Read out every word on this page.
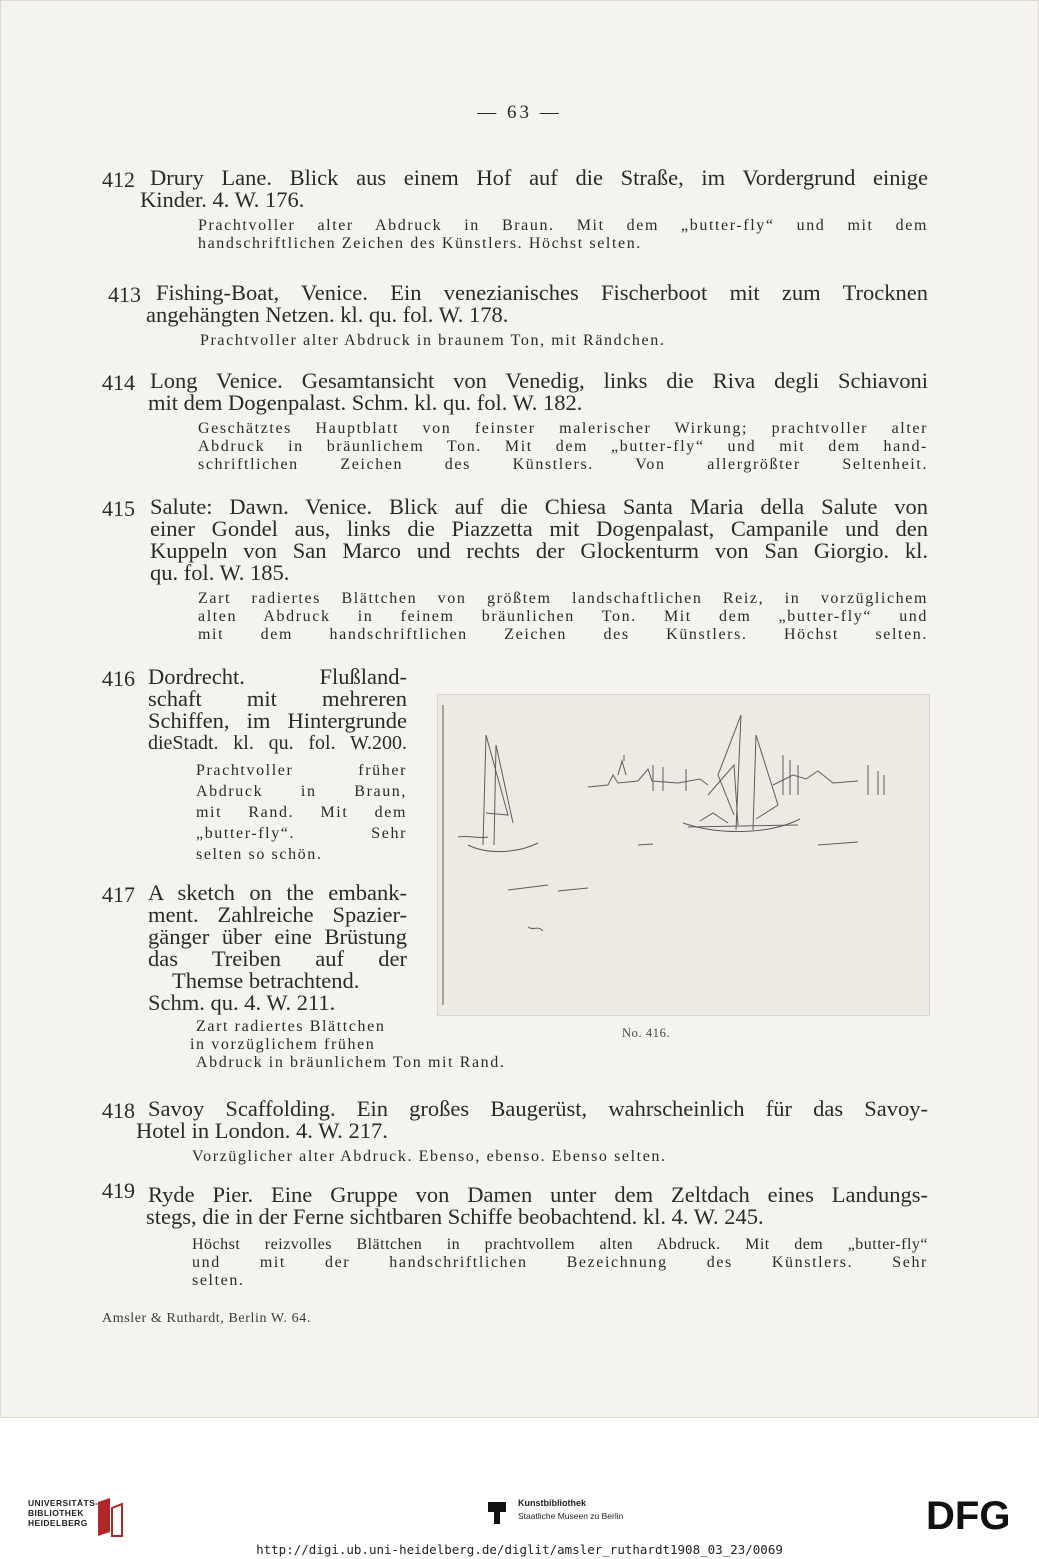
— 63 —
412 Drury Lane. Blick aus einem Hof auf die Straße, im Vordergrund einige
Kinder. 4. W. 176.
Prachtvoller alter Abdruck in Braun. Mit dem „butter-fly“ und mit dem
handschriftlichen Zeichen des Künstlers. Höchst selten.
413 Fishing-Boat, Venice. Ein venezianisches Fischerboot mit zum Trocknen
angehängten Netzen. kl. qu. fol. W. 178.
Prachtvoller alter Abdruck in braunem Ton, mit Rändchen.
414 Long Venice. Gesamtansicht von Venedig, links die Riva degli Schiavoni
mit dem Dogenpalast. Schm. kl. qu. fol. W. 182.
Geschätztes Hauptblatt von feinster malerischer Wirkung; prachtvoller alter
Abdruck in bräunlichem Ton. Mit dem „butter-fly“ und mit dem hand-
schriftlichen Zeichen des Künstlers. Von allergrößter Seltenheit.
415 Salute: Dawn. Venice. Blick auf die Chiesa Santa Maria della Salute von
einer Gondel aus, links die Piazzetta mit Dogenpalast, Campanile und den
Kuppeln von San Marco und rechts der Glockenturm von San Giorgio. kl.
qu. fol. W. 185.
Zart radiertes Blättchen von größtem landschaftlichen Reiz, in vorzüglichem
alten Abdruck in feinem bräunlichen Ton. Mit dem „butter-fly“ und
mit dem handschriftlichen Zeichen des Künstlers. Höchst selten.
416 Dordrecht. Flußland-
schaft mit mehreren
Schiffen, im Hintergrunde
dieStadt. kl. qu. fol. W.200.
Prachtvoller früher
Abdruck in Braun,
mit Rand. Mit dem
„butter-fly“. Sehr
selten so schön.
417 A sketch on the embank-
ment. Zahlreiche Spazier-
gänger über eine Brüstung
das Treiben auf der
Themse betrachtend.
Schm. qu. 4. W. 211.
Zart radiertes Blättchen
in vorzüglichem frühen
Abdruck in bräunlichem Ton mit Rand.
No. 416.
418 Savoy Scaffolding. Ein großes Baugerüst, wahrscheinlich für das Savoy-
Hotel in London. 4. W. 217.
Vorzüglicher alter Abdruck. Ebenso, ebenso. Ebenso selten.
419 Ryde Pier. Eine Gruppe von Damen unter dem Zeltdach eines Landungs-
stegs, die in der Ferne sichtbaren Schiffe beobachtend. kl. 4. W. 245.
Höchst reizvolles Blättchen in prachtvollem alten Abdruck. Mit dem „butter-fly“
und mit der handschriftlichen Bezeichnung des Künstlers. Sehr
selten.
Amsler & Ruthardt, Berlin W. 64.
UNIVERSITÄTS-
BIBLIOTHEK
HEIDELBERG
Kunstbibliothek
Staatliche Museen zu Berlin	DFG
http://digi.ub.uni-heidelberg.de/diglit/amsler_ruthardt1908_03_23/0069
